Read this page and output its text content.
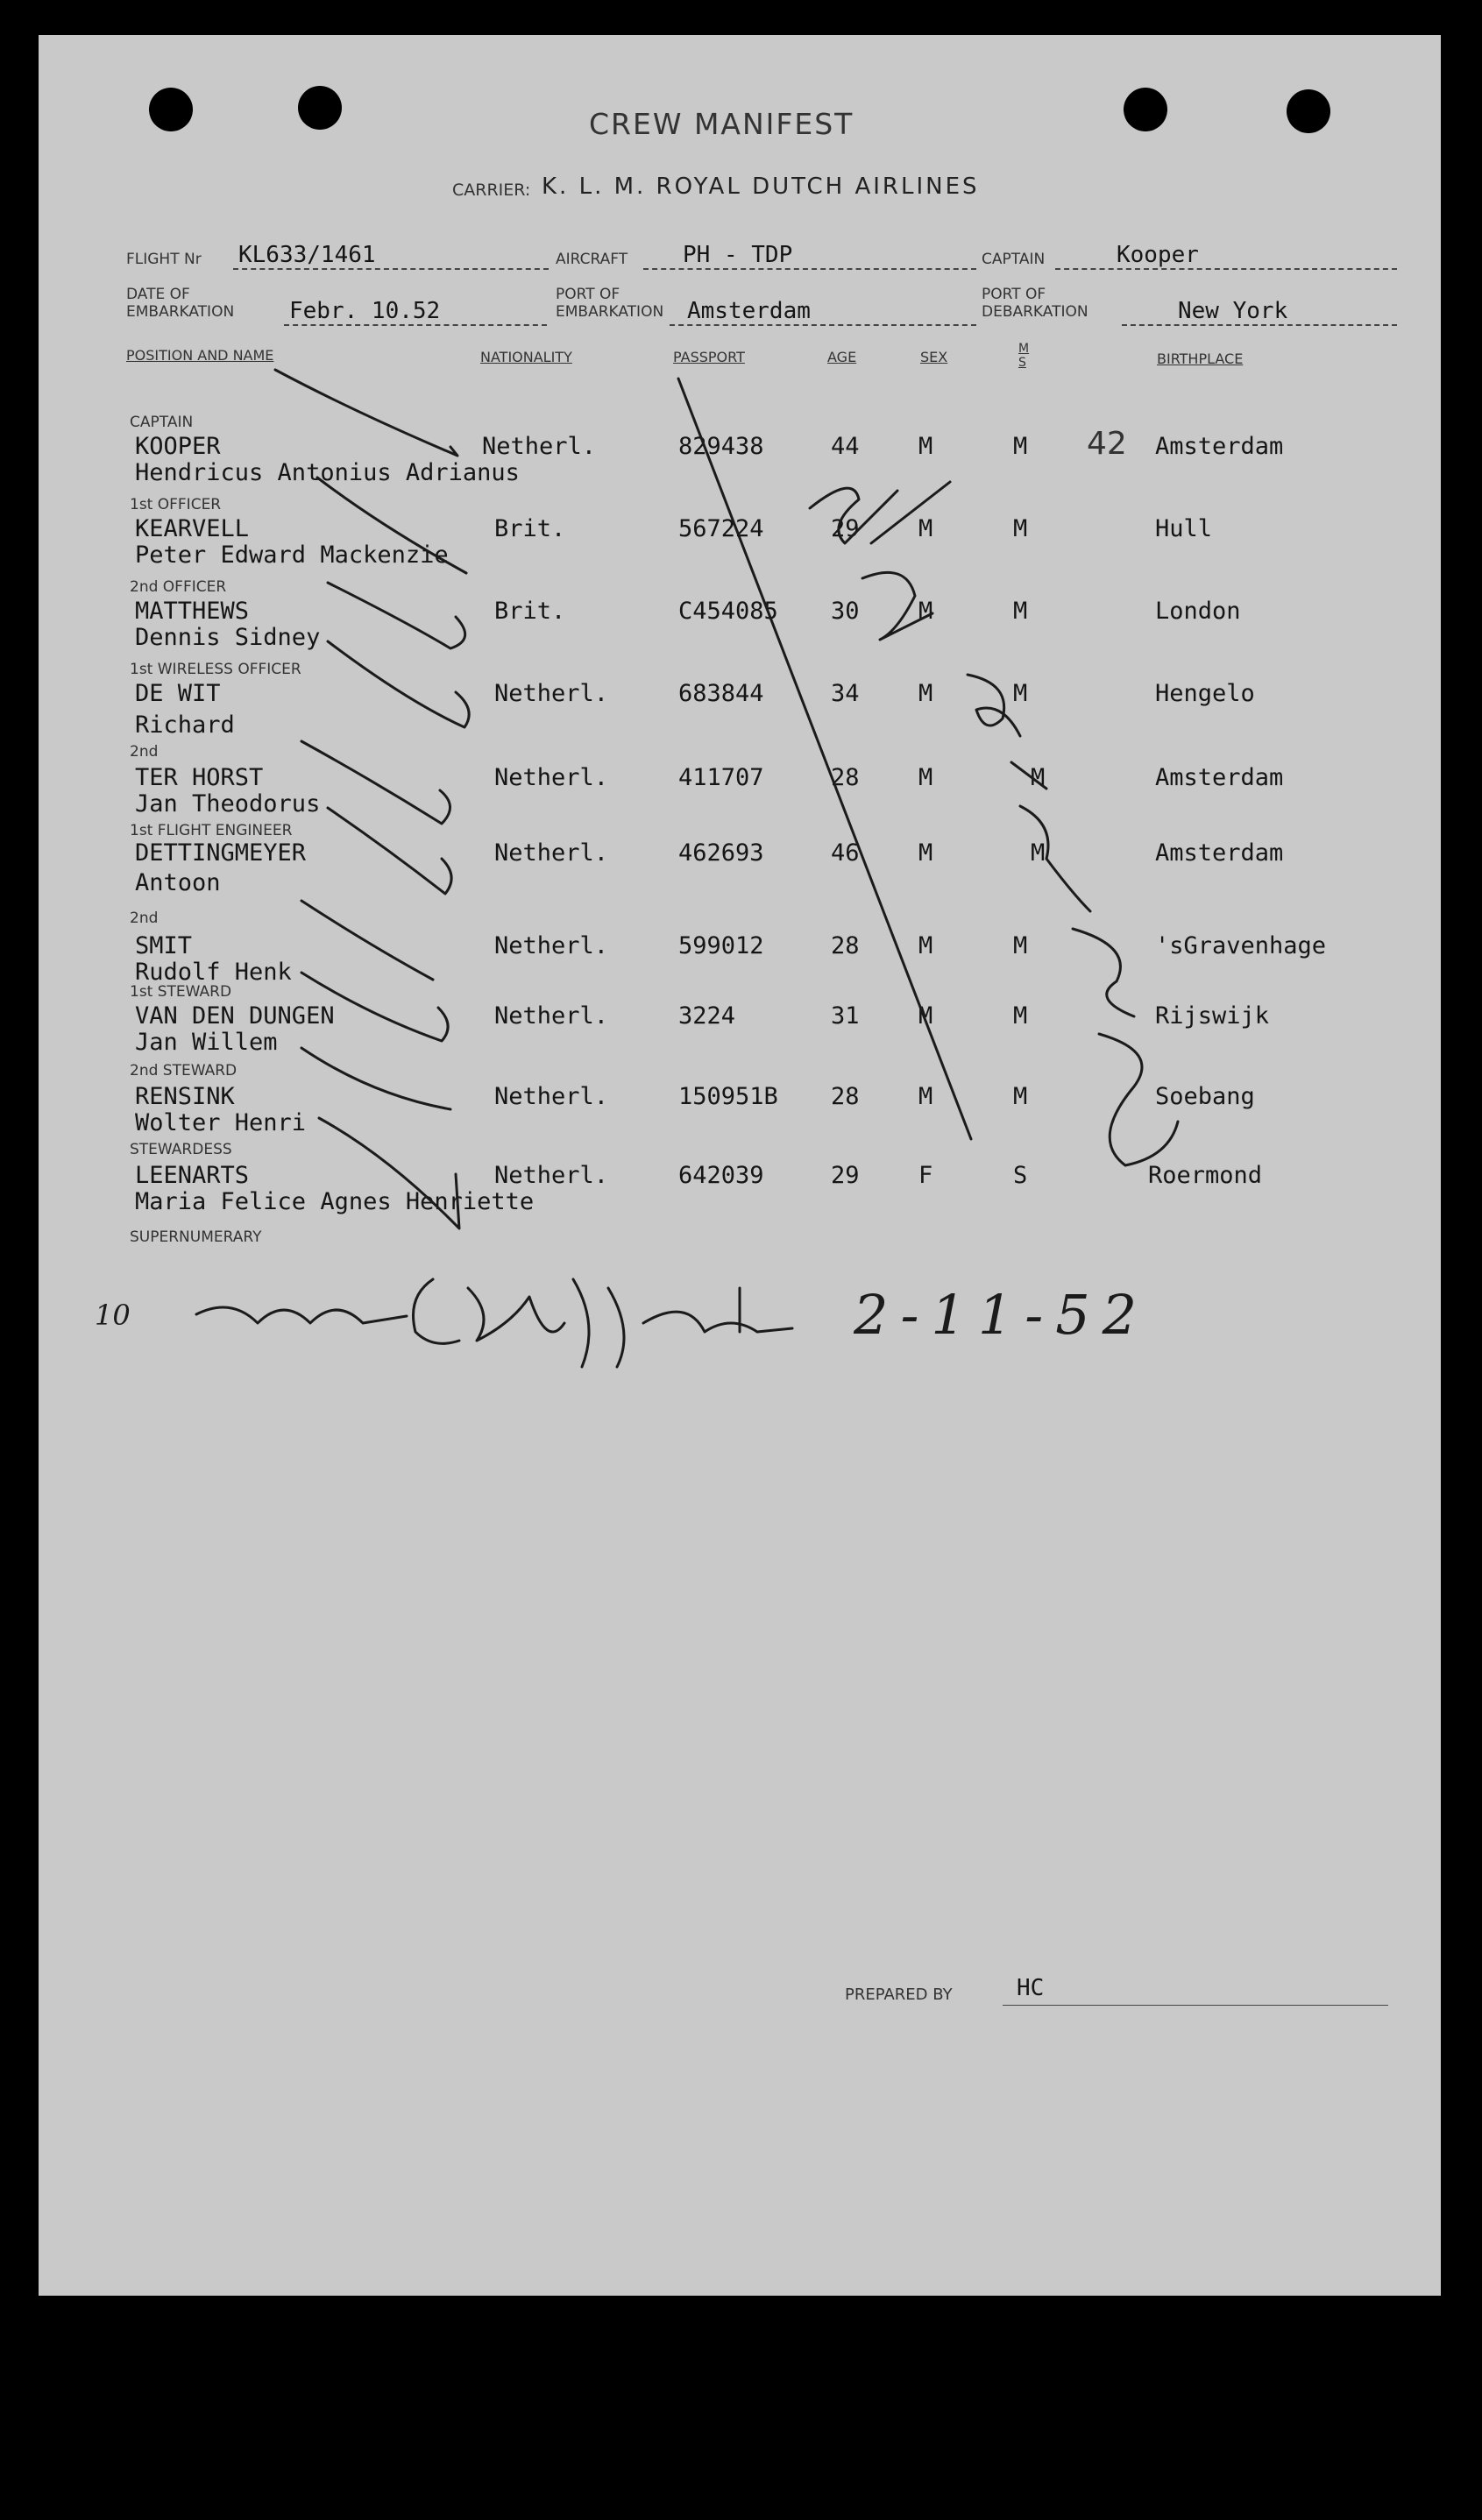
CREW MANIFEST
CARRIER: K. L. M. ROYAL DUTCH AIRLINES
FLIGHT Nr KL633/1461	AIRCRAFT PH - TDP	CAPTAIN	Kooper
DATE OF
EMBARKATION Febr. 10.52
PORT OF
EMBARKATION Amsterdam
PORT OF
DEBARKATION	New York
POSITION AND NAME	NATIONALITY	PASSPORT	AGE	SEX	M S	BIRTHPLACE
CAPTAIN
KOOPER
Hendricus Antonius Adrianus
Netherl.	829438	44 M	M	Amsterdam
1st OFFICER
KEARVELL
Peter Edward Mackenzie
Brit.	567224	29 M	M	Hull
2nd OFFICER
MATTHEWS
Dennis Sidney
Brit.	C454085 30 M	M	London
1st WIRELESS OFFICER
DE WIT
Richard
Netherl.	683844	34 M	M	Hengelo
2nd
TER HORST
Jan Theodorus
Netherl.	411707	28 M	M	Amsterdam
1st FLIGHT ENGINEER
DETTINGMEYER
Antoon
Netherl.	462693	46 M	M	Amsterdam
2nd
SMIT
Rudolf Henk
Netherl.	599012	28 M	M	'sGravenhage
1st STEWARD
VAN DEN DUNGEN
Jan Willem
Netherl.	3224	31 M	M	Rijswijk
2nd STEWARD
RENSINK
Wolter Henri
Netherl.	150951B 28 M	M	Soebang
STEWARDESS
LEENARTS
Maria Felice Agnes Henriette
Netherl.	642039	29 F	S	Roermond
SUPERNUMERARY
42
10	2-11-52
PREPARED BY	HC
